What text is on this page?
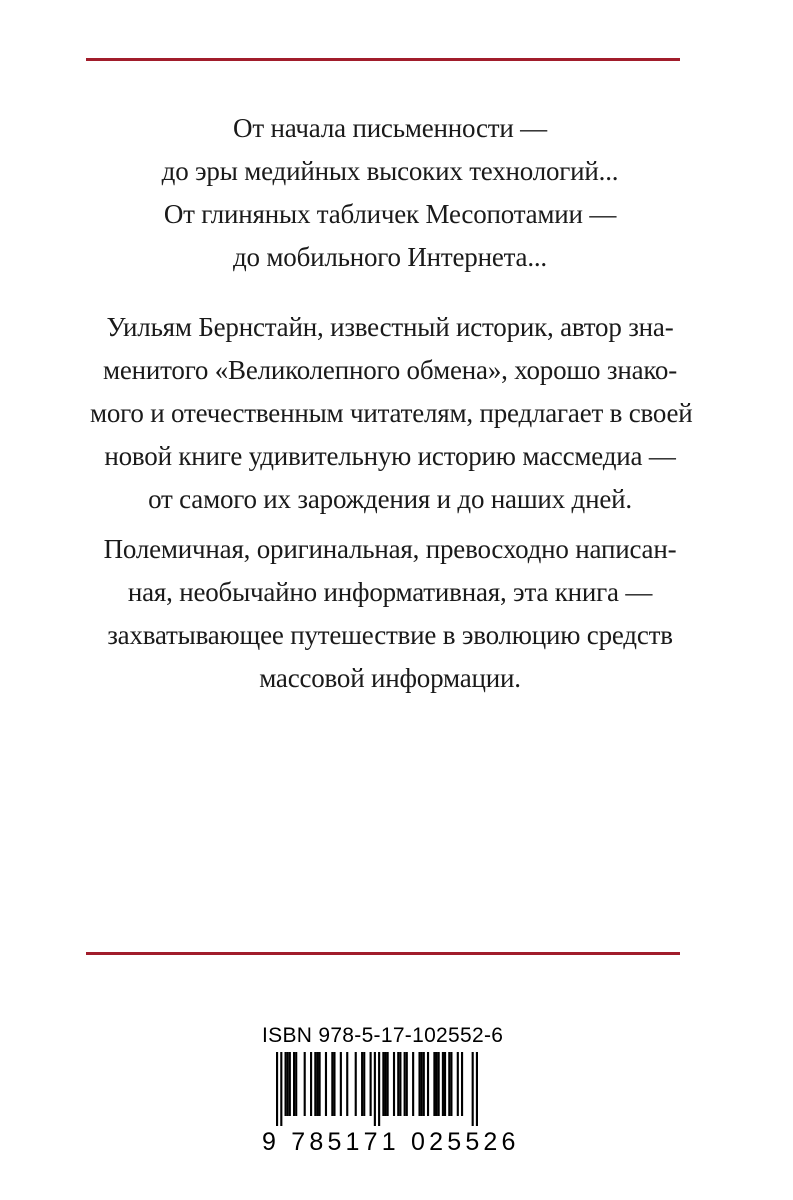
От начала письменности —
до эры медийных высоких технологий...
От глиняных табличек Месопотамии —
до мобильного Интернета...
Уильям Бернстайн, известный историк, автор зна-
менитого «Великолепного обмена», хорошо знако-
мого и отечественным читателям, предлагает в своей
новой книге удивительную историю массмедиа —
от самого их зарождения и до наших дней.
Полемичная, оригинальная, превосходно написан-
ная, необычайно информативная, эта книга —
захватывающее путешествие в эволюцию средств
массовой информации.
ISBN 978-5-17-102552-6
9 785171 025526
